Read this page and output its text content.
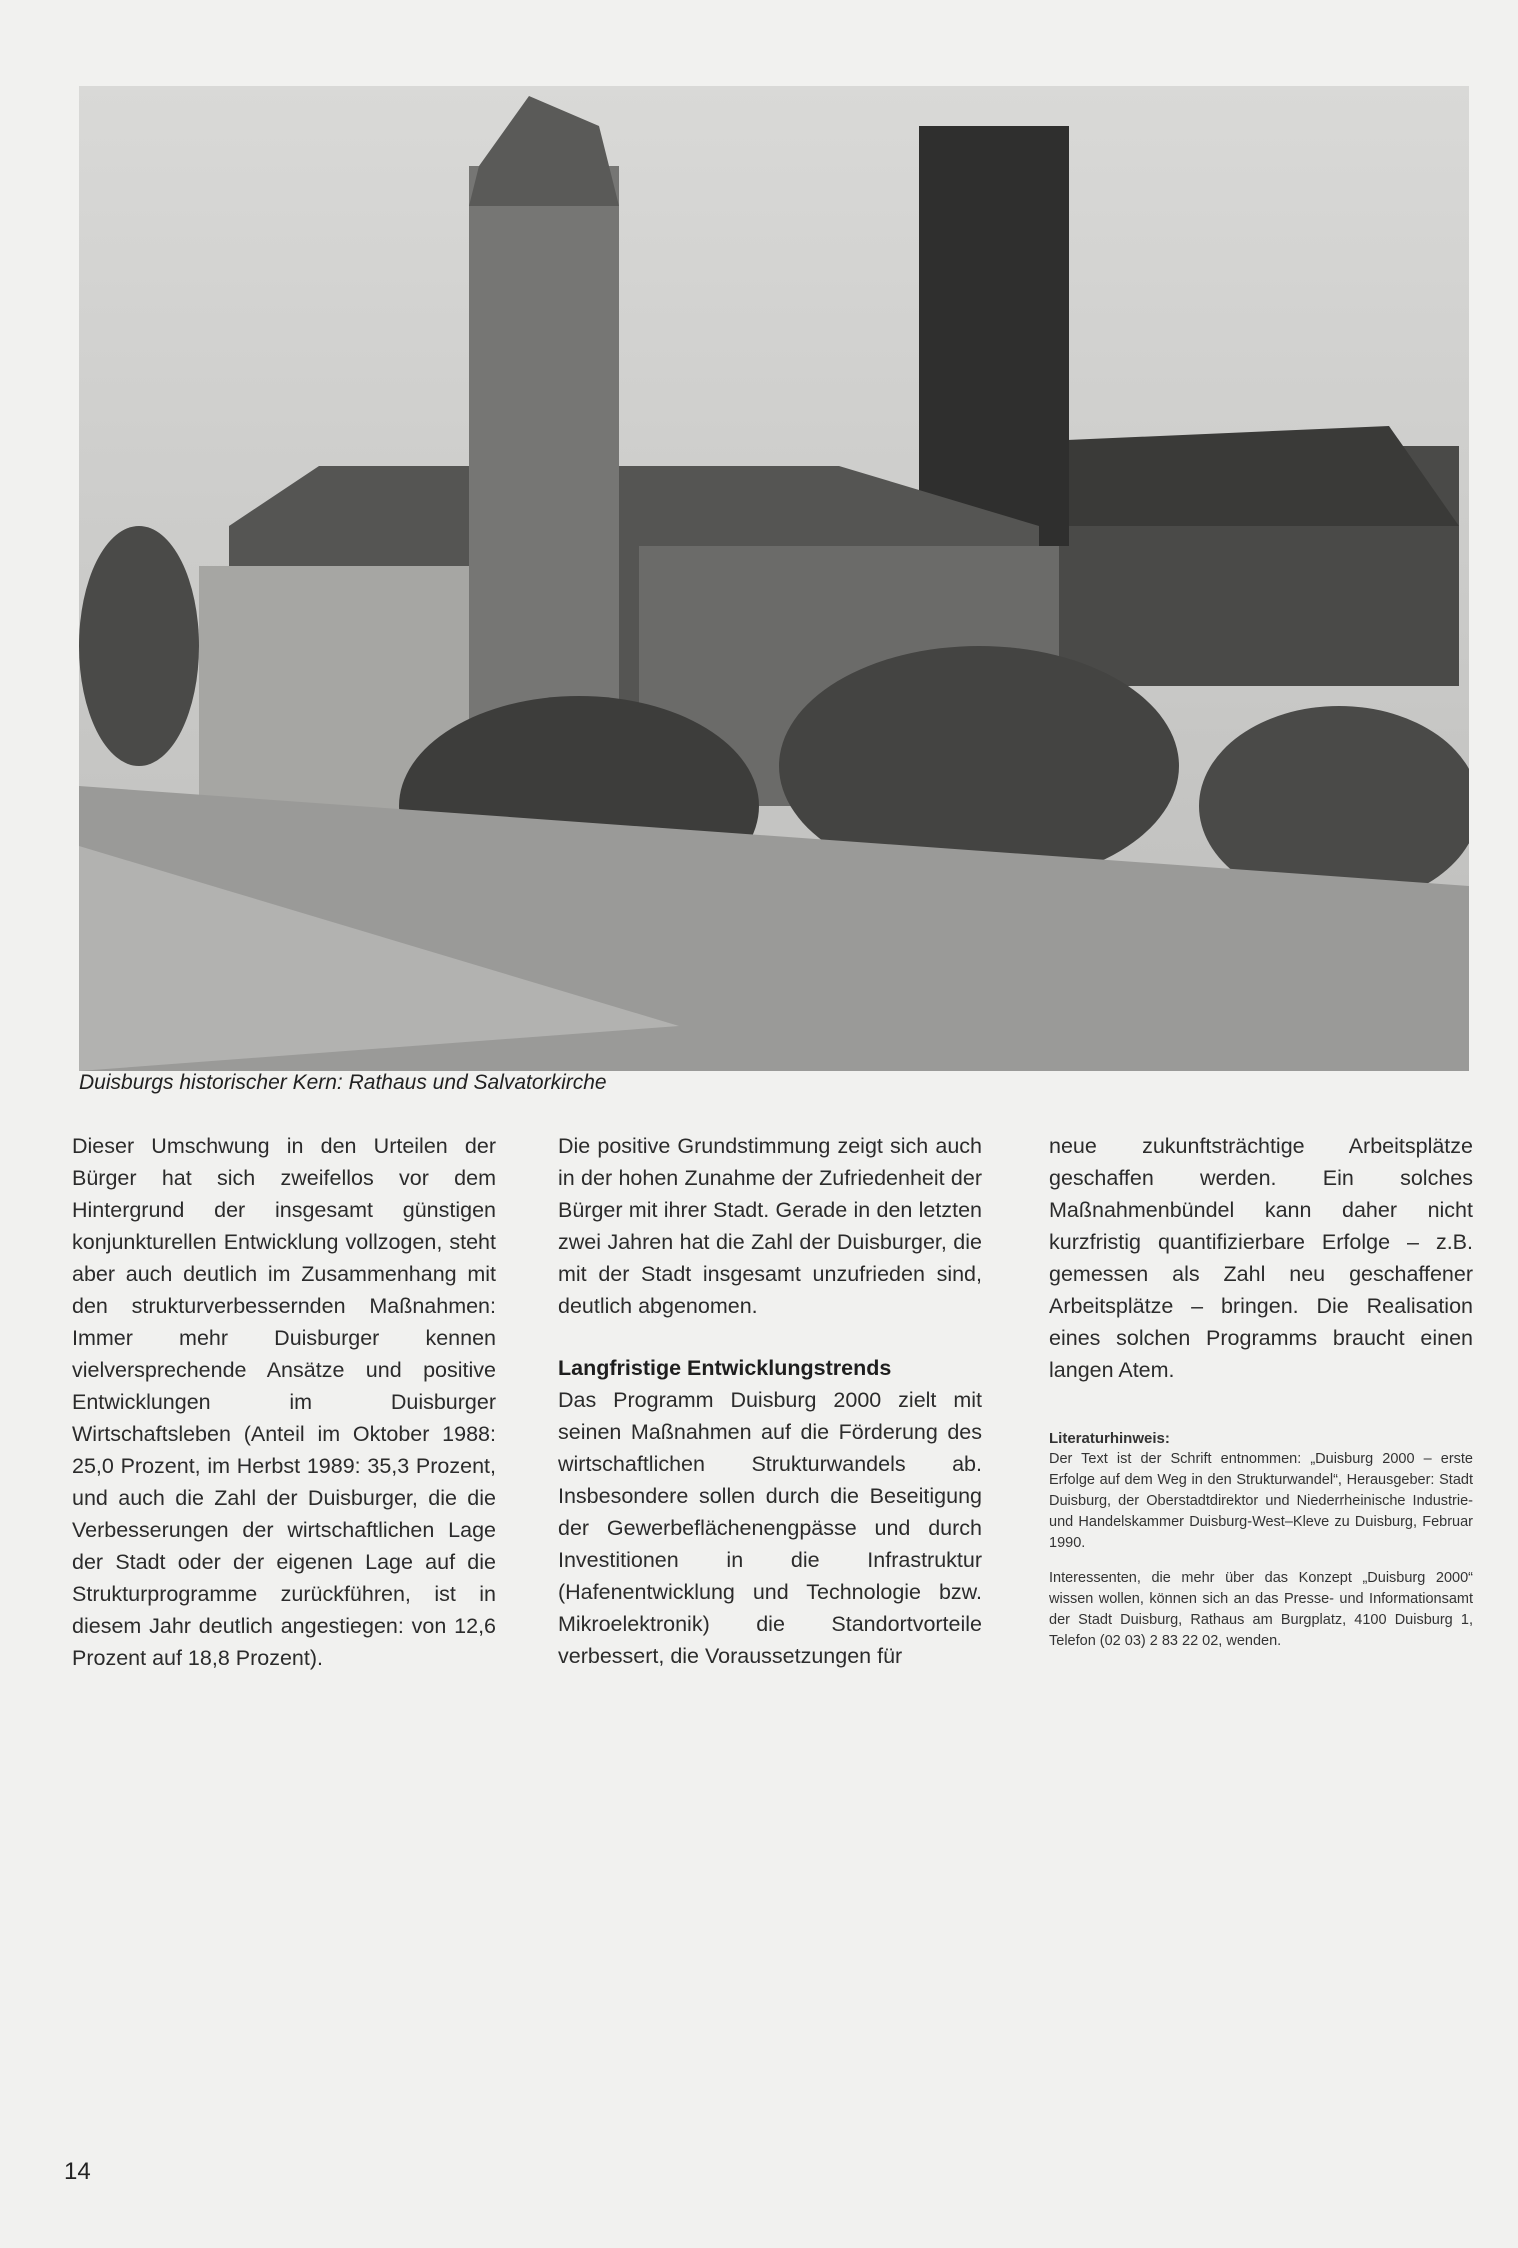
Duisburgs historischer Kern: Rathaus und Salvatorkirche

Dieser Umschwung in den Urteilen der Bürger hat sich zweifellos vor dem Hintergrund der insgesamt günstigen konjunkturellen Entwicklung vollzogen, steht aber auch deutlich im Zusammenhang mit den strukturverbessernden Maßnahmen: Immer mehr Duisburger kennen vielversprechende Ansätze und positive Entwicklungen im Duisburger Wirtschaftsleben (Anteil im Oktober 1988: 25,0 Prozent, im Herbst 1989: 35,3 Prozent, und auch die Zahl der Duisburger, die die Verbesserungen der wirtschaftlichen Lage der Stadt oder der eigenen Lage auf die Strukturprogramme zurückführen, ist in diesem Jahr deutlich angestiegen: von 12,6 Prozent auf 18,8 Prozent).

Die positive Grundstimmung zeigt sich auch in der hohen Zunahme der Zufriedenheit der Bürger mit ihrer Stadt. Gerade in den letzten zwei Jahren hat die Zahl der Duisburger, die mit der Stadt insgesamt unzufrieden sind, deutlich abgenomen.

Langfristige Entwicklungstrends

Das Programm Duisburg 2000 zielt mit seinen Maßnahmen auf die Förderung des wirtschaftlichen Strukturwandels ab. Insbesondere sollen durch die Beseitigung der Gewerbeflächenengpässe und durch Investitionen in die Infrastruktur (Hafenentwicklung und Technologie bzw. Mikroelektronik) die Standortvorteile verbessert, die Voraussetzungen für

neue zukunftsträchtige Arbeitsplätze geschaffen werden. Ein solches Maßnahmenbündel kann daher nicht kurzfristig quantifizierbare Erfolge – z.B. gemessen als Zahl neu geschaffener Arbeitsplätze – bringen. Die Realisation eines solchen Programms braucht einen langen Atem.

Literaturhinweis:

Der Text ist der Schrift entnommen: „Duisburg 2000 – erste Erfolge auf dem Weg in den Strukturwandel“, Herausgeber: Stadt Duisburg, der Oberstadtdirektor und Niederrheinische Industrie- und Handelskammer Duisburg-West–Kleve zu Duisburg, Februar 1990.

Interessenten, die mehr über das Konzept „Duisburg 2000“ wissen wollen, können sich an das Presse- und Informationsamt der Stadt Duisburg, Rathaus am Burgplatz, 4100 Duisburg 1, Telefon (02 03) 2 83 22 02, wenden.

14
